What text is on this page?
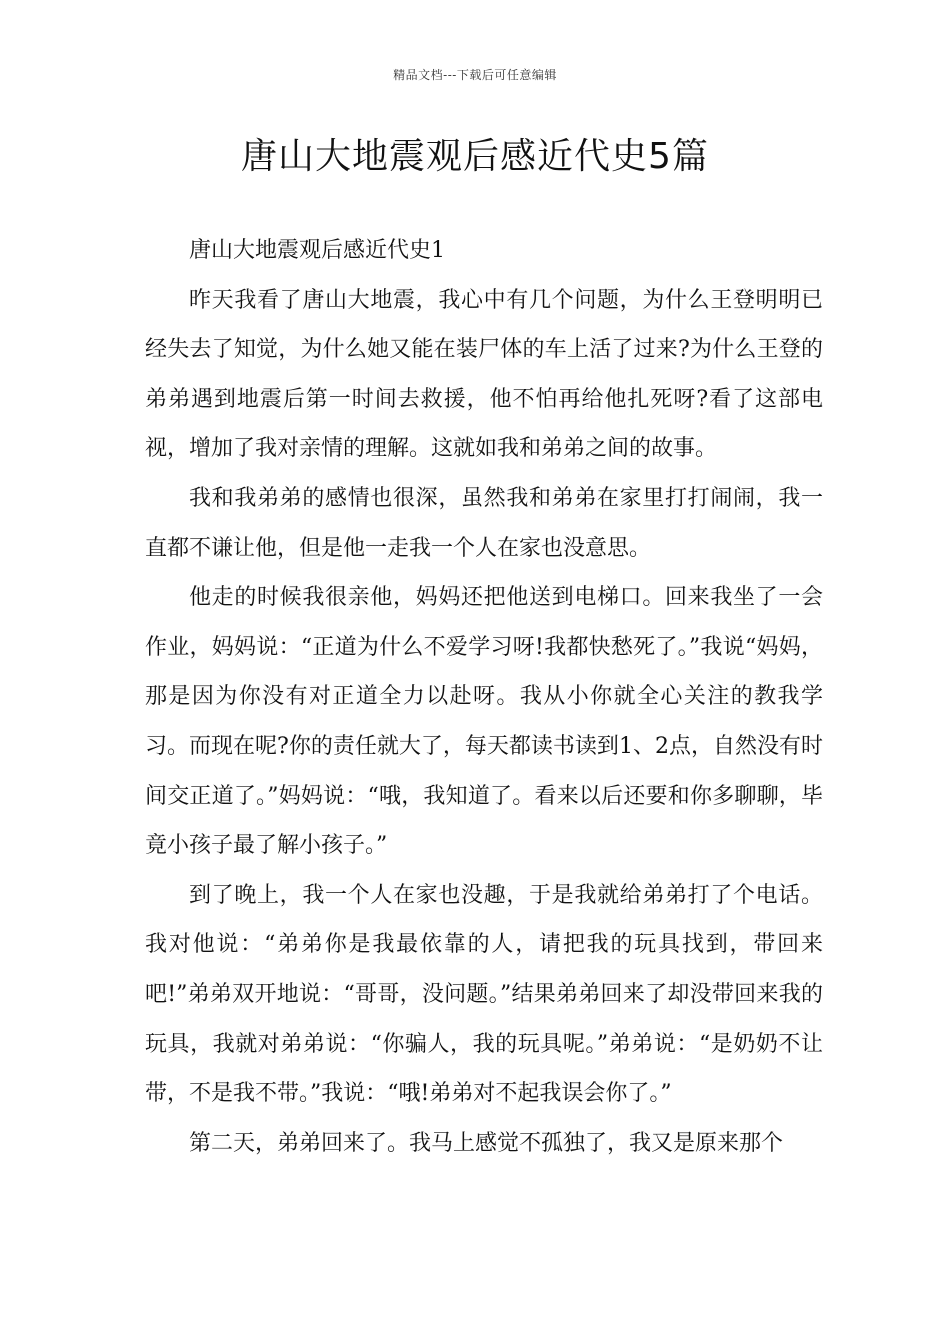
精品文档---下载后可任意编辑
唐山大地震观后感近代史5篇

唐山大地震观后感近代史1

昨天我看了唐山大地震，我心中有几个问题，为什么王登明明已经失去了知觉，为什么她又能在装尸体的车上活了过来?为什么王登的弟弟遇到地震后第一时间去救援，他不怕再给他扎死呀?看了这部电视，增加了我对亲情的理解。这就如我和弟弟之间的故事。

我和我弟弟的感情也很深，虽然我和弟弟在家里打打闹闹，我一直都不谦让他，但是他一走我一个人在家也没意思。

他走的时候我很亲他，妈妈还把他送到电梯口。回来我坐了一会作业，妈妈说：“正道为什么不爱学习呀!我都快愁死了。”我说“妈妈，那是因为你没有对正道全力以赴呀。我从小你就全心关注的教我学习。而现在呢?你的责任就大了，每天都读书读到1、2点，自然没有时间交正道了。”妈妈说：“哦，我知道了。看来以后还要和你多聊聊，毕竟小孩子最了解小孩子。”

到了晚上，我一个人在家也没趣，于是我就给弟弟打了个电话。我对他说：“弟弟你是我最依靠的人，请把我的玩具找到，带回来吧!”弟弟双开地说：“哥哥，没问题。”结果弟弟回来了却没带回来我的玩具，我就对弟弟说：“你骗人，我的玩具呢。”弟弟说：“是奶奶不让带，不是我不带。”我说：“哦!弟弟对不起我误会你了。”

第二天，弟弟回来了。我马上感觉不孤独了，我又是原来那个
